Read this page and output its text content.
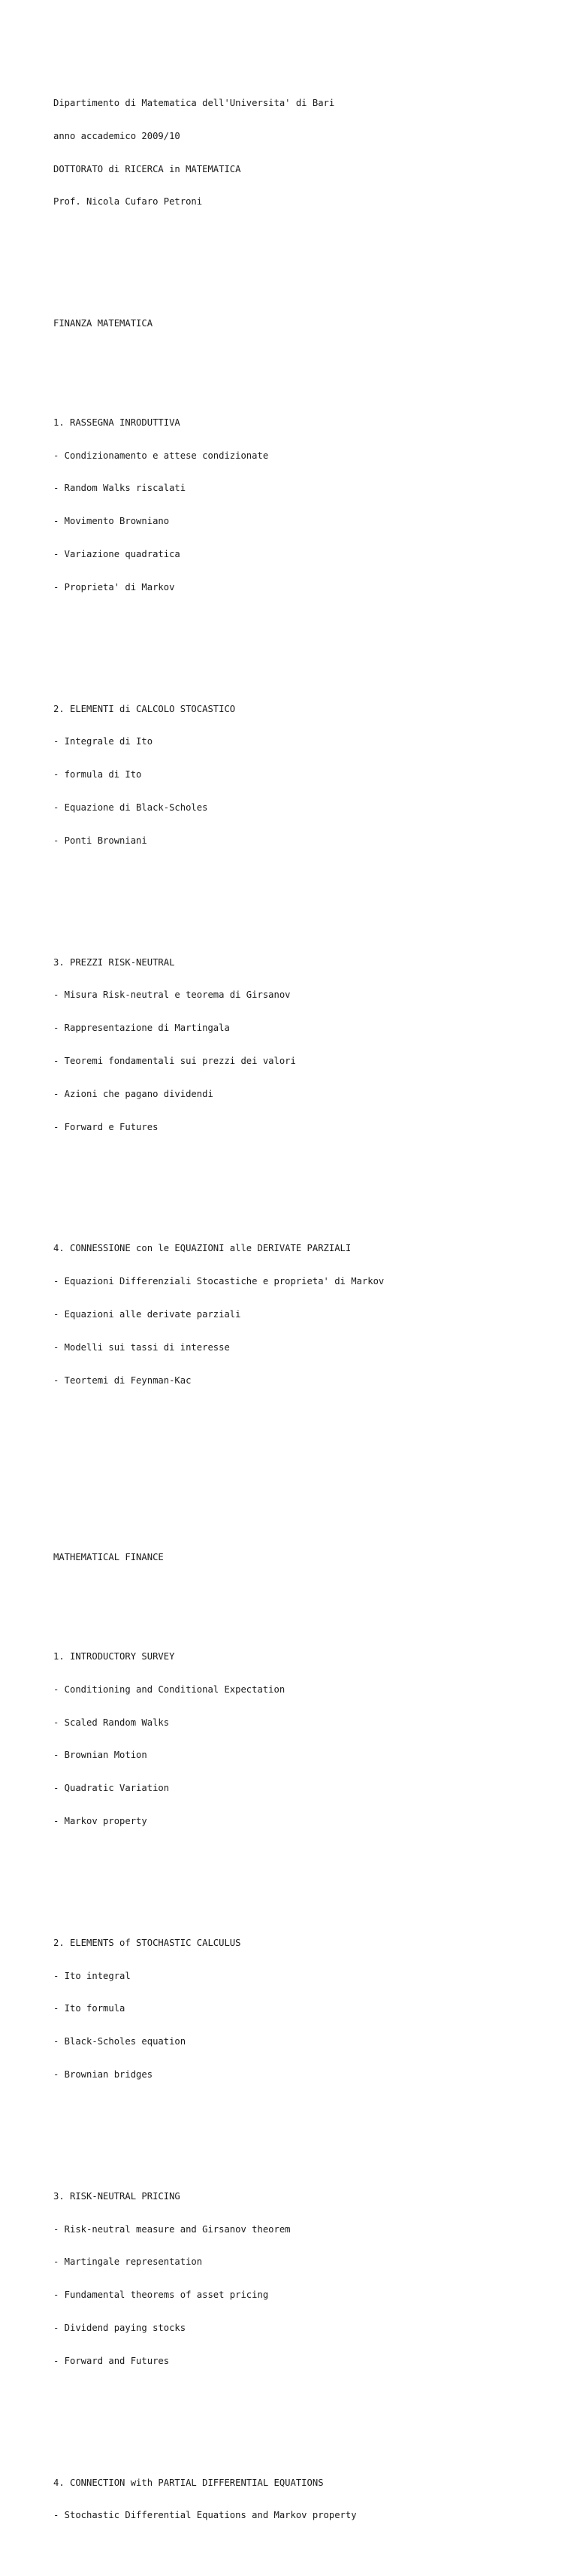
Dipartimento di Matematica dell'Universita' di Bari

anno accademico 2009/10

DOTTORATO di RICERCA in MATEMATICA

Prof. Nicola Cufaro Petroni

FINANZA MATEMATICA

1. RASSEGNA INRODUTTIVA

- Condizionamento e attese condizionate

- Random Walks riscalati

- Movimento Browniano

- Variazione quadratica

- Proprieta' di Markov

2. ELEMENTI di CALCOLO STOCASTICO

- Integrale di Ito

- formula di Ito

- Equazione di Black-Scholes

- Ponti Browniani

3. PREZZI RISK-NEUTRAL

- Misura Risk-neutral e teorema di Girsanov

- Rappresentazione di Martingala

- Teoremi fondamentali sui prezzi dei valori

- Azioni che pagano dividendi

- Forward e Futures

4. CONNESSIONE con le EQUAZIONI alle DERIVATE PARZIALI

- Equazioni Differenziali Stocastiche e proprieta' di Markov

- Equazioni alle derivate parziali

- Modelli sui tassi di interesse

- Teortemi di Feynman-Kac

MATHEMATICAL FINANCE

1. INTRODUCTORY SURVEY

- Conditioning and Conditional Expectation

- Scaled Random Walks

- Brownian Motion

- Quadratic Variation

- Markov property

2. ELEMENTS of STOCHASTIC CALCULUS

- Ito integral

- Ito formula

- Black-Scholes equation

- Brownian bridges

3. RISK-NEUTRAL PRICING

- Risk-neutral measure and Girsanov theorem

- Martingale representation

- Fundamental theorems of asset pricing

- Dividend paying stocks

- Forward and Futures

4. CONNECTION with PARTIAL DIFFERENTIAL EQUATIONS

- Stochastic Differential Equations and Markov property
